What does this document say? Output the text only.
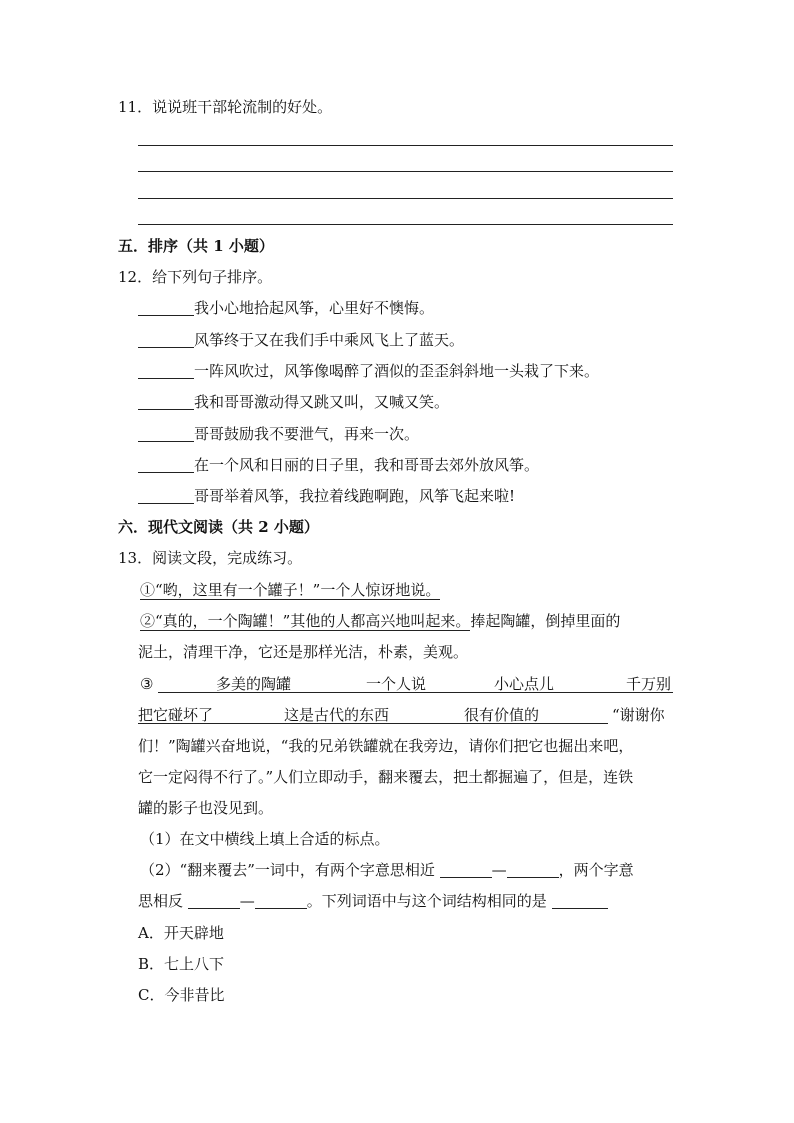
11．说说班干部轮流制的好处。
五．排序（共 1 小题）
12．给下列句子排序。
我小心地拾起风筝，心里好不懊悔。
风筝终于又在我们手中乘风飞上了蓝天。
一阵风吹过，风筝像喝醉了酒似的歪歪斜斜地一头栽了下来。
我和哥哥激动得又跳又叫，又喊又笑。
哥哥鼓励我不要泄气，再来一次。
在一个风和日丽的日子里，我和哥哥去郊外放风筝。
哥哥举着风筝，我拉着线跑啊跑，风筝飞起来啦!
六．现代文阅读（共 2 小题）
13．阅读文段，完成练习。
①“哟，这里有一个罐子！”一个人惊讶地说。
②“真的，一个陶罐！”其他的人都高兴地叫起来。捧起陶罐，倒掉里面的
泥土，清理干净，它还是那样光洁，朴素，美观。
③	多美的陶罐	一个人说	小心点儿	千万别
把它碰坏了	这是古代的东西	很有价值的	“谢谢你
们！”陶罐兴奋地说，“我的兄弟铁罐就在我旁边，请你们把它也掘出来吧，
它一定闷得不行了。”人们立即动手，翻来覆去，把土都掘遍了，但是，连铁
罐的影子也没见到。
（1）在文中横线上填上合适的标点。
（2）“翻来覆去”一词中，有两个字意思相近	—	，两个字意
思相反	—	。下列词语中与这个词结构相同的是
A．开天辟地
B．七上八下
C．今非昔比
